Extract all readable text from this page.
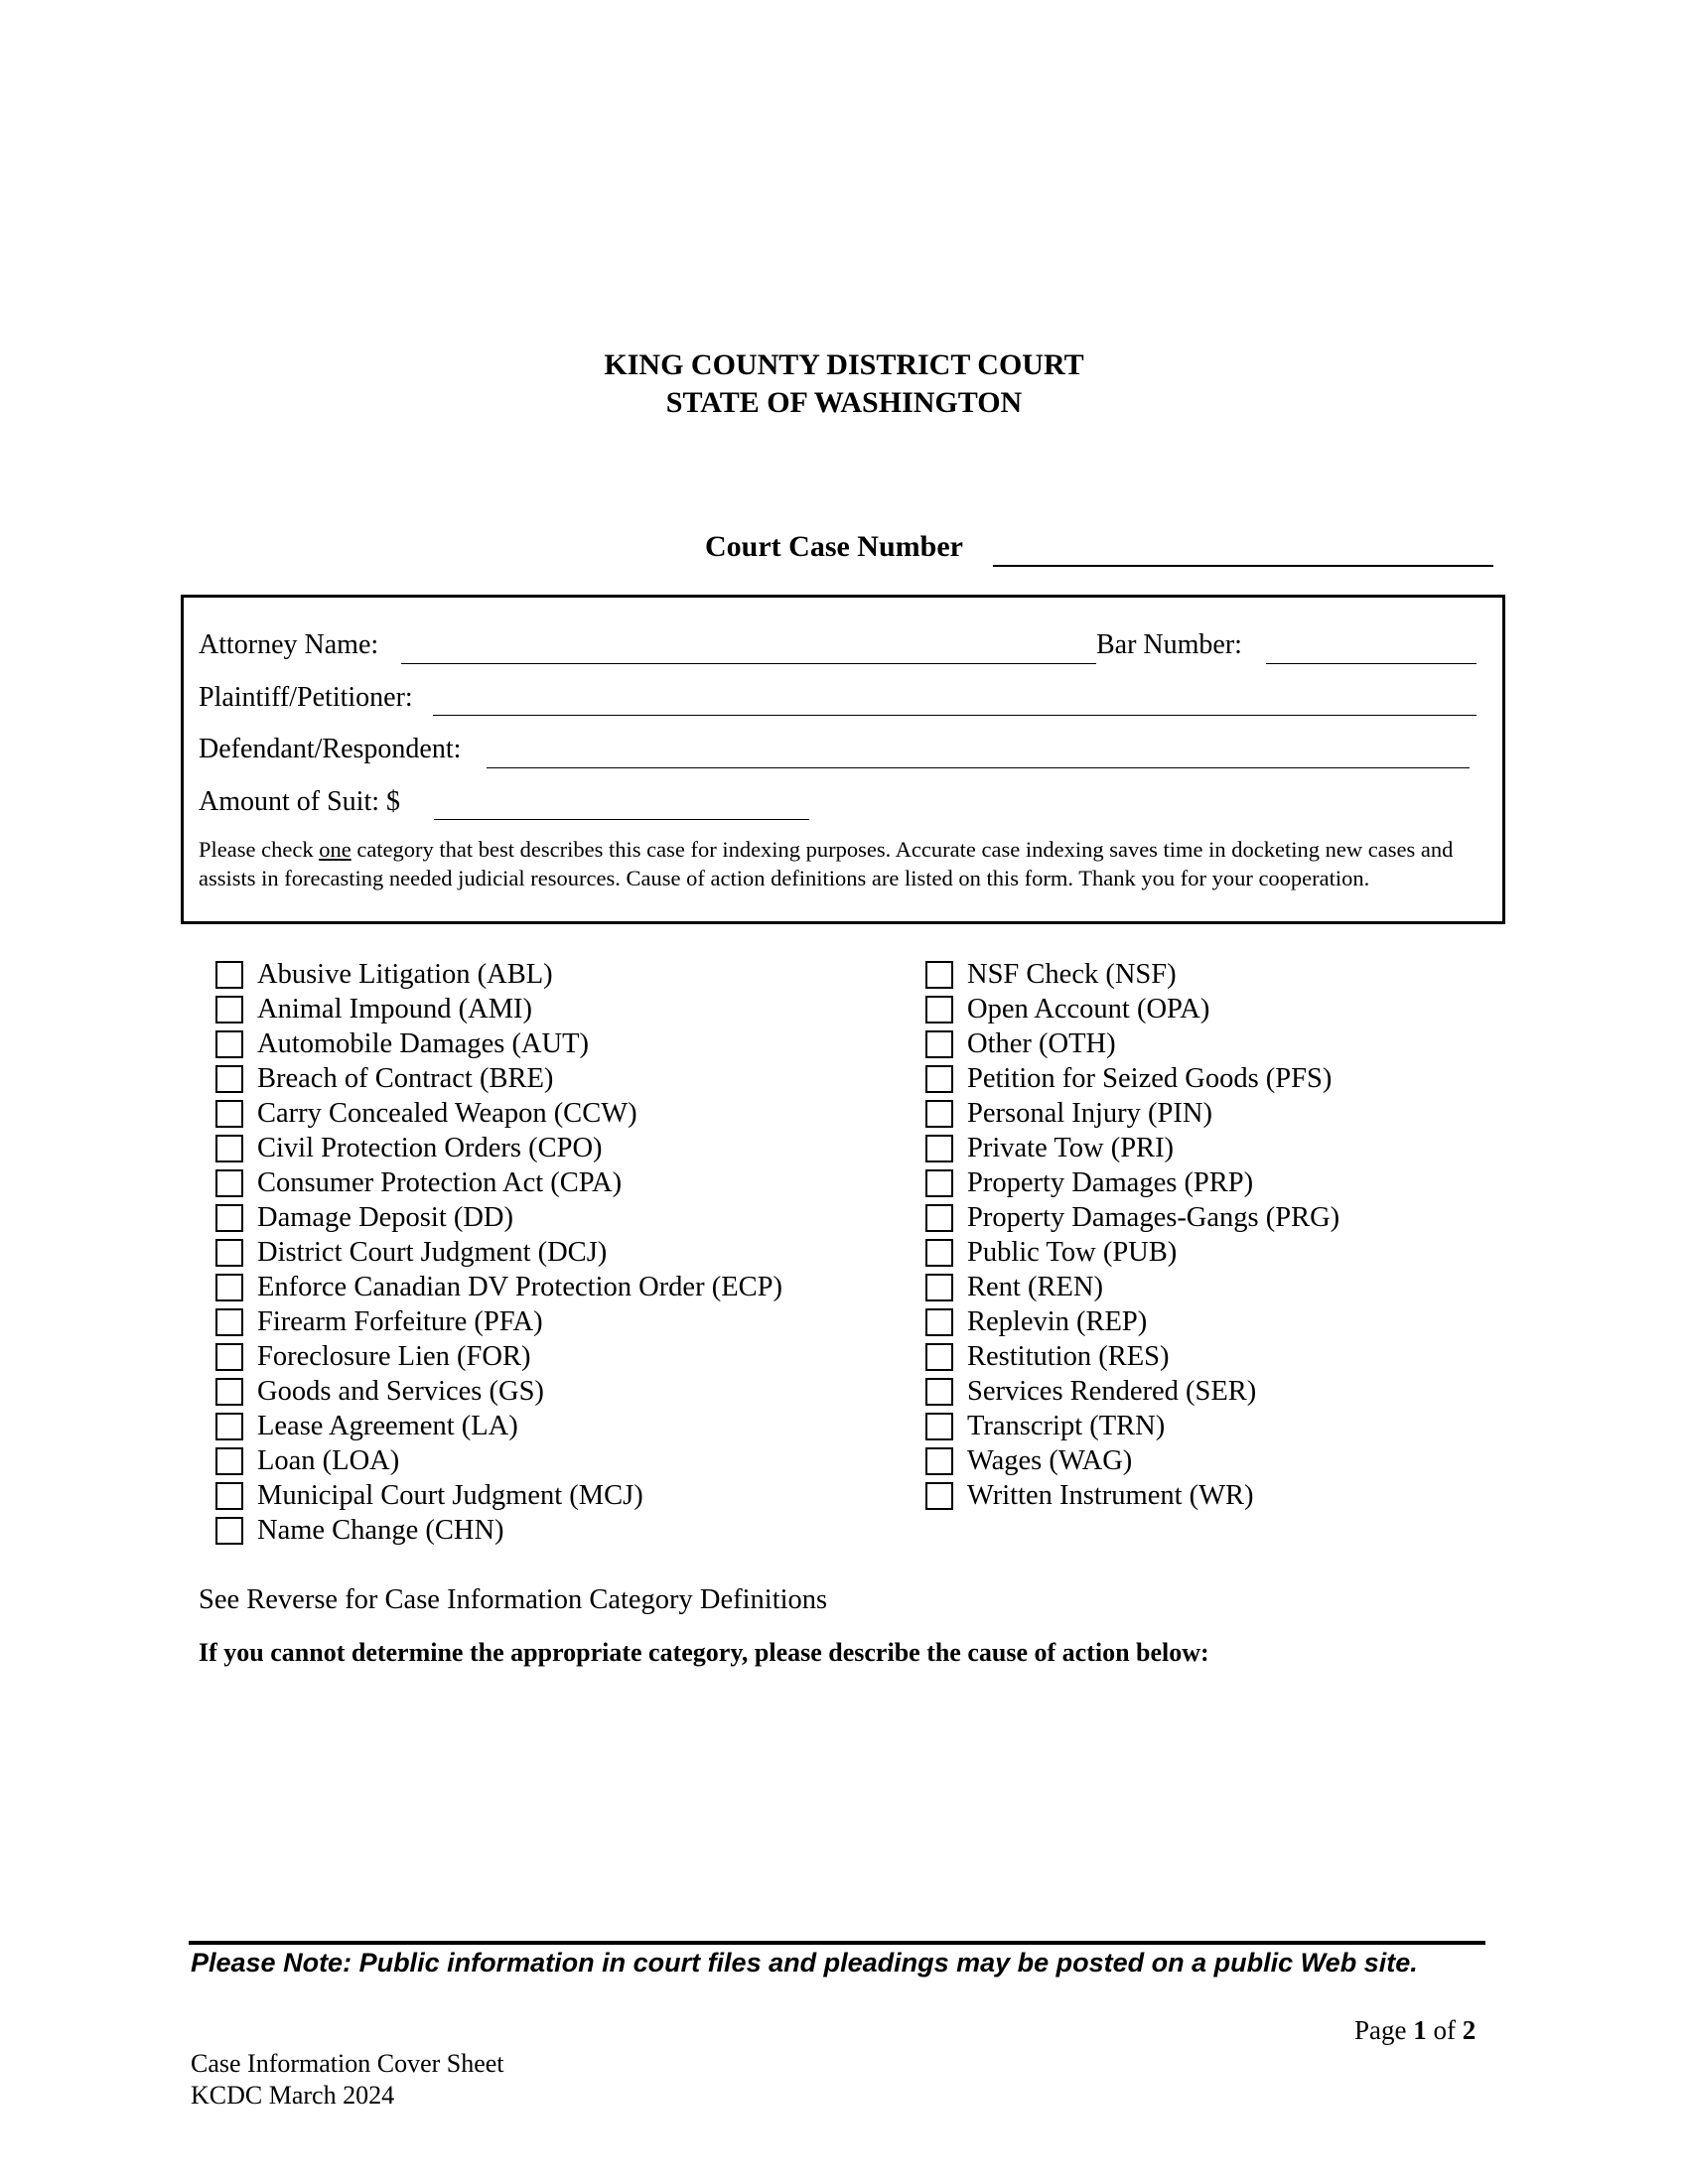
KING COUNTY DISTRICT COURT
STATE OF WASHINGTON
Court Case Number
Attorney Name:	Bar Number:
Plaintiff/Petitioner:
Defendant/Respondent:
Amount of Suit: $
Please check one category that best describes this case for indexing purposes. Accurate case indexing saves time in docketing new cases and assists in forecasting needed judicial resources. Cause of action definitions are listed on this form. Thank you for your cooperation.
Abusive Litigation (ABL)
Animal Impound (AMI)
Automobile Damages (AUT)
Breach of Contract (BRE)
Carry Concealed Weapon (CCW)
Civil Protection Orders (CPO)
Consumer Protection Act (CPA)
Damage Deposit (DD)
District Court Judgment (DCJ)
Enforce Canadian DV Protection Order (ECP)
Firearm Forfeiture (PFA)
Foreclosure Lien (FOR)
Goods and Services (GS)
Lease Agreement (LA)
Loan (LOA)
Municipal Court Judgment (MCJ)
Name Change (CHN)
NSF Check (NSF)
Open Account (OPA)
Other (OTH)
Petition for Seized Goods (PFS)
Personal Injury (PIN)
Private Tow (PRI)
Property Damages (PRP)
Property Damages-Gangs (PRG)
Public Tow (PUB)
Rent (REN)
Replevin (REP)
Restitution (RES)
Services Rendered (SER)
Transcript (TRN)
Wages (WAG)
Written Instrument (WR)
See Reverse for Case Information Category Definitions
If you cannot determine the appropriate category, please describe the cause of action below:
Please Note: Public information in court files and pleadings may be posted on a public Web site.
Page 1 of 2
Case Information Cover Sheet
KCDC March 2024
